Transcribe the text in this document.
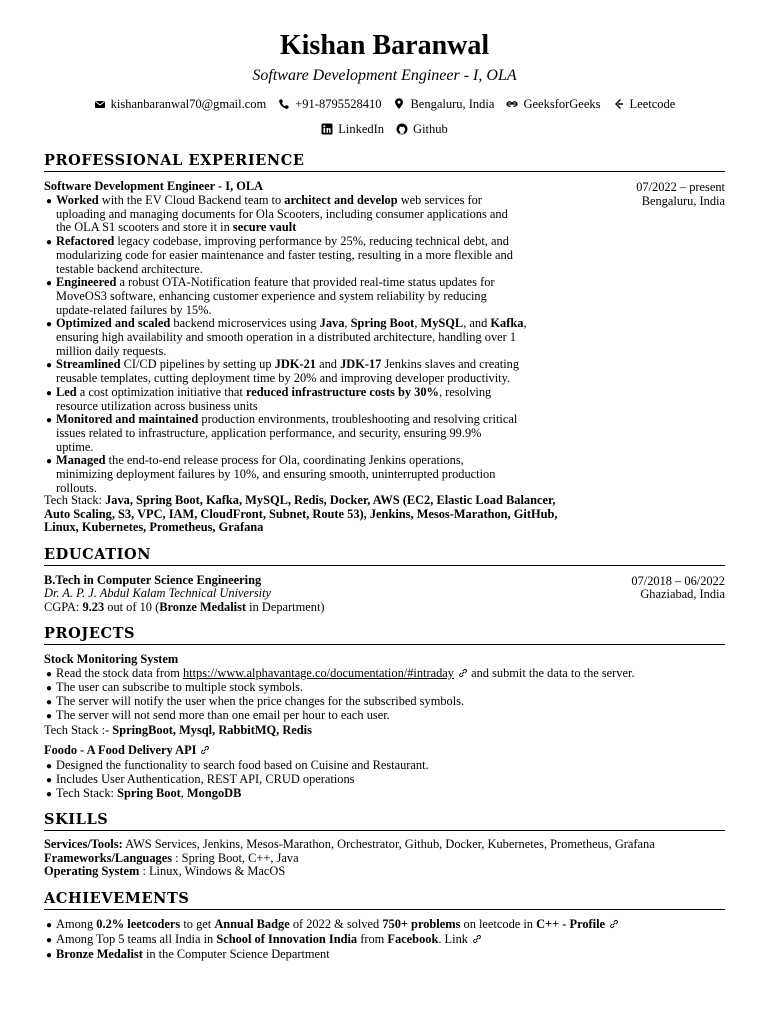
Kishan Baranwal
Software Development Engineer - I, OLA
kishanbaranwal70@gmail.com +91-8795528410 Bengaluru, India GeeksforGeeks Leetcode
LinkedIn Github
PROFESSIONAL EXPERIENCE
Software Development Engineer - I, OLA	07/2022 – present
Bengaluru, India
Worked with the EV Cloud Backend team to architect and develop web services for
●
uploading and managing documents for Ola Scooters, including consumer applications and
the OLA S1 scooters and store it in secure vault
Refactored legacy codebase, improving performance by 25%, reducing technical debt, and
●
modularizing code for easier maintenance and faster testing, resulting in a more flexible and
testable backend architecture.
Engineered a robust OTA-Notification feature that provided real-time status updates for
●
MoveOS3 software, enhancing customer experience and system reliability by reducing
update-related failures by 15%.
Optimized and scaled backend microservices using Java, Spring Boot, MySQL, and Kafka,
●
ensuring high availability and smooth operation in a distributed architecture, handling over 1
million daily requests.
Streamlined CI/CD pipelines by setting up JDK-21 and JDK-17 Jenkins slaves and creating
●
reusable templates, cutting deployment time by 20% and improving developer productivity.
Led a cost optimization initiative that reduced infrastructure costs by 30%, resolving
●
resource utilization across business units
Monitored and maintained production environments, troubleshooting and resolving critical
●
issues related to infrastructure, application performance, and security, ensuring 99.9%
uptime.
Managed the end-to-end release process for Ola, coordinating Jenkins operations,
●
minimizing deployment failures by 10%, and ensuring smooth, uninterrupted production
rollouts.
Tech Stack: Java, Spring Boot, Kafka, MySQL, Redis, Docker, AWS (EC2, Elastic Load Balancer,
Auto Scaling, S3, VPC, IAM, CloudFront, Subnet, Route 53), Jenkins, Mesos-Marathon, GitHub,
Linux, Kubernetes, Prometheus, Grafana
EDUCATION
B.Tech in Computer Science Engineering	07/2018 – 06/2022
Dr. A. P. J. Abdul Kalam Technical University	Ghaziabad, India
CGPA: 9.23 out of 10 (Bronze Medalist in Department)
PROJECTS
Stock Monitoring System
Read the stock data from https://www.alphavantage.co/documentation/#intraday and submit the data to the server.
●
The user can subscribe to multiple stock symbols.
●
The server will notify the user when the price changes for the subscribed symbols.
●
The server will not send more than one email per hour to each user.
●
Tech Stack :- SpringBoot, Mysql, RabbitMQ, Redis
Foodo - A Food Delivery API
Designed the functionality to search food based on Cuisine and Restaurant.
●
Includes User Authentication, REST API, CRUD operations
●
Tech Stack: Spring Boot, MongoDB
●
SKILLS
Services/Tools: AWS Services, Jenkins, Mesos-Marathon, Orchestrator, Github, Docker, Kubernetes, Prometheus, Grafana
Frameworks/Languages : Spring Boot, C++, Java
Operating System : Linux, Windows & MacOS
ACHIEVEMENTS
Among 0.2% leetcoders to get Annual Badge of 2022 & solved 750+ problems on leetcode in C++ - Profile
●
Among Top 5 teams all India in School of Innovation India from Facebook. Link
●
Bronze Medalist in the Computer Science Department
●
